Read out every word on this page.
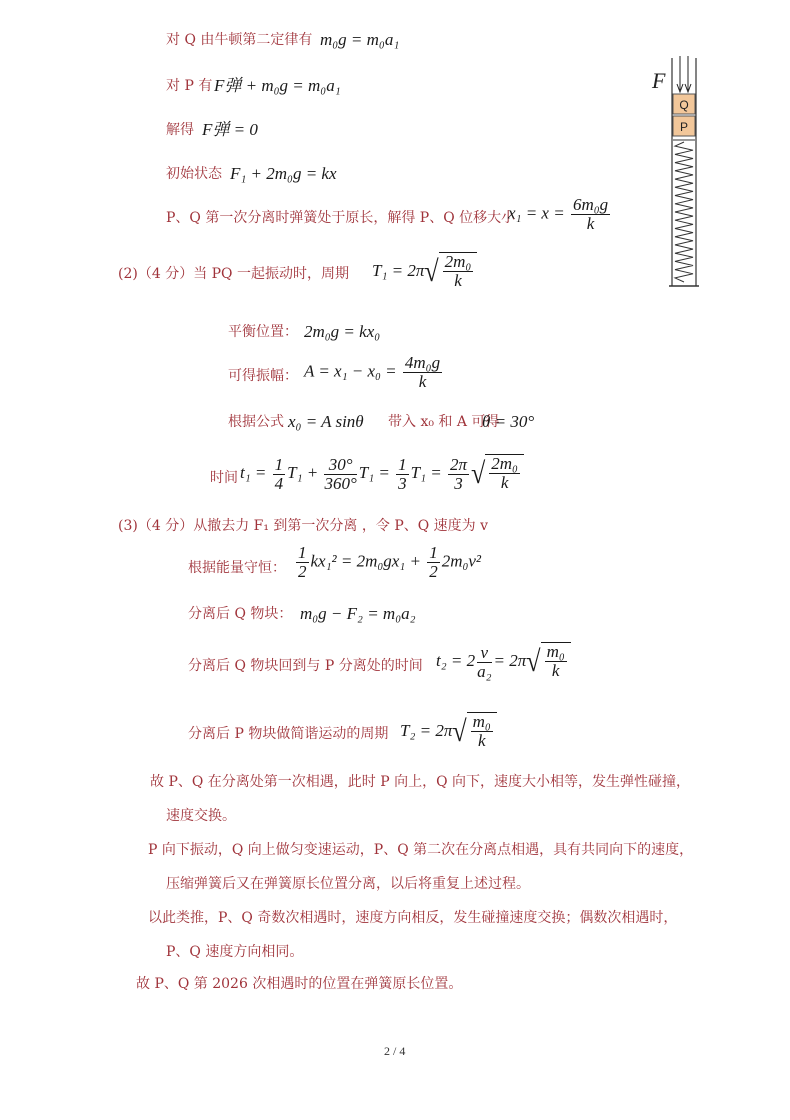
对 Q 由牛顿第二定律有 m₀g = m₀a₁
对 P 有 F弹 + m₀g = m₀a₁
解得 F弹 = 0
初始状态 F₁ + 2m₀g = kx
P、Q 第一次分离时弹簧处于原长，解得 P、Q 位移大小
$x_1 = x = \frac{\text{6m₀g}}{k}$
(2)（4 分）当 PQ 一起振动时，周期 T₁ = 2π √ $\frac{\text{2m₀}}{k}$
平衡位置： 2m₀g = kx₀
可得振幅： $A = x_1 - x_0 = \frac{\text{4m₀g}}{k}$
根据公式 x₀ = A sinθ 带入 x₀ 和 A 可得
θ = 30°
时间 $t_1 = \frac{1}{4} T_1 + \frac{30^\circ}{360^\circ} T_1 = \frac{1}{3} T_1 = \frac{2\pi}{3}$ √ $\frac{\text{2m₀}}{k}$
(3)（4 分）从撤去力 F₁ 到第一次分离 ，令 P、Q 速度为 v
根据能量守恒： $\frac{1}{2} kx_1^2 = 2m_0gx_1 + \frac{1}{2} 2m_0v^2$
分离后 Q 物块： m₀g − F₂ = m₀a₂
分离后 Q 物块回到与 P 分离处的时间 $t_2 = 2 \frac{v}{\text{a₂}} = 2\pi$ √ $\frac{\text{m₀}}{k}$
分离后 P 物块做简谐运动的周期 T₂ = 2π √ $\frac{\text{m₀}}{k}$
故 P、Q 在分离处第一次相遇，此时 P 向上，Q 向下，速度大小相等，发生弹性碰撞，
速度交换。
P 向下振动，Q 向上做匀变速运动，P、Q 第二次在分离点相遇，具有共同向下的速度，
压缩弹簧后又在弹簧原长位置分离，以后将重复上述过程。
以此类推，P、Q 奇数次相遇时，速度方向相反，发生碰撞速度交换；偶数次相遇时，
P、Q 速度方向相同。
故 P、Q 第 2026 次相遇时的位置在弹簧原长位置。
F
Q
P
2 / 4
